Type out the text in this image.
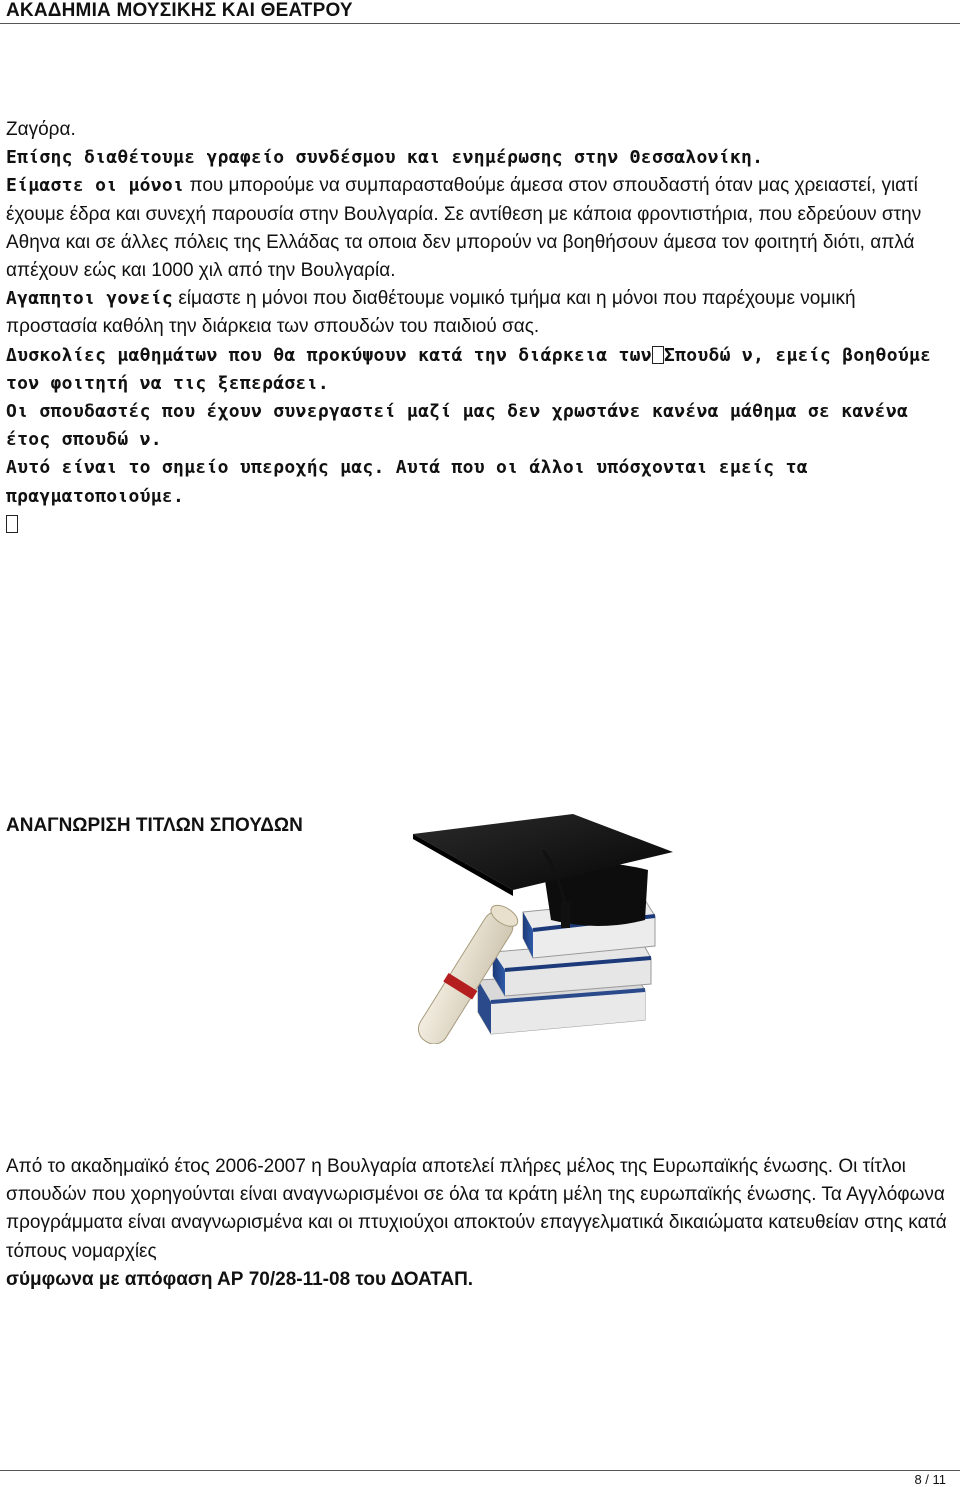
ΑΚΑΔΗΜΙΑ ΜΟΥΣΙΚΗΣ ΚΑΙ ΘΕΑΤΡΟΥ

Ζαγόρα.

Επίσης διαθέτουμε γραφείο συνδέσμου και ενημέρωσης στην Θεσσαλονίκη.

Είμαστε οι μόνοι που μπορούμε να συμπαρασταθούμε άμεσα στον σπουδαστή όταν μας χρειαστεί, γιατί έχουμε έδρα και συνεχή παρουσία στην Βουλγαρία. Σε αντίθεση με κάποια φροντιστήρια, που εδρεύουν στην Αθηνα και σε άλλες πόλεις της Ελλάδας τα οποια δεν μπορούν να βοηθήσουν άμεσα τον φοιτητή διότι, απλά απέχουν εώς και 1000 χιλ από την Βουλγαρία.

Αγαπητοι γονείς είμαστε η μόνοι που διαθέτουμε νομικό τμήμα και η μόνοι που παρέχουμε νομική προστασία καθόλη την διάρκεια των σπουδών του παιδιού σας.

Δυσκολίες μαθημάτων που θα προκύψουν κατά την διάρκεια των Σπουδώ ν, εμείς βοηθούμε

τον φοιτητή να τις ξεπεράσει.

Οι σπουδαστές που έχουν συνεργαστεί μαζί μας δεν χρωστάνε κανένα μάθημα σε κανένα έτος σπουδώ ν.

Αυτό είναι το σημείο υπεροχής μας. Αυτά που οι άλλοι υπόσχονται εμείς τα πραγματοποιούμε.

ΑΝΑΓΝΩΡΙΣΗ ΤΙΤΛΩΝ ΣΠΟΥΔΩΝ

Από το ακαδημαϊκό έτος 2006-2007 η Βουλγαρία αποτελεί πλήρες μέλος της Ευρωπαϊκής ένωσης. Οι τίτλοι σπουδών που χορηγούνται είναι αναγνωρισμένοι σε όλα τα κράτη μέλη της ευρωπαϊκής ένωσης. Τα Αγγλόφωνα προγράμματα είναι αναγνωρισμένα και οι πτυχιούχοι αποκτούν επαγγελματικά δικαιώματα κατευθείαν στης κατά τόπους νομαρχίες

σύμφωνα με απόφαση ΑΡ 70/28-11-08 του ΔΟΑΤΑΠ.

8 / 11
